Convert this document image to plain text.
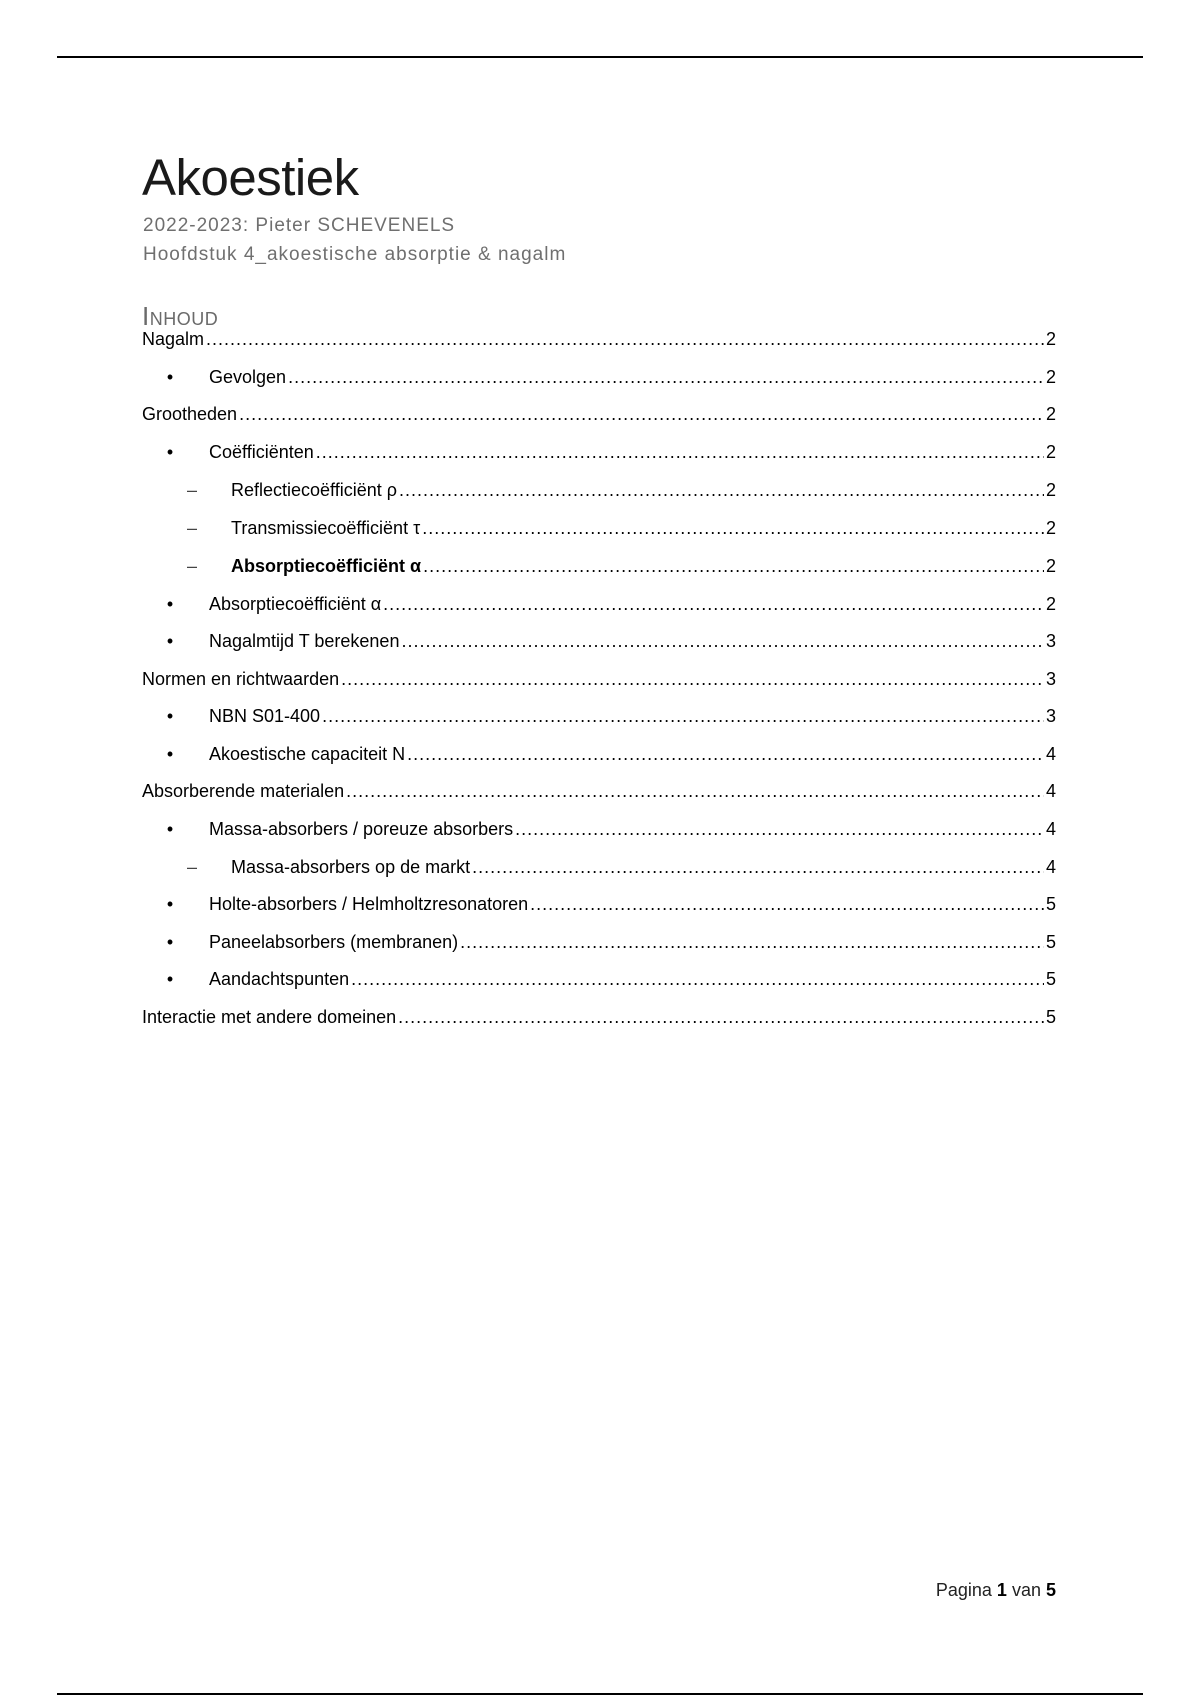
Akoestiek
2022-2023: Pieter SCHEVENELS
Hoofdstuk 4_akoestische absorptie & nagalm
Inhoud
Nagalm .....	2
•	Gevolgen .....	2
Grootheden .....	2
•	Coëfficiënten .....	2
– Reflectiecoëfficiënt ρ .....	2
– Transmissiecoëfficiënt τ .....	2
– Absorptiecoëfficiënt α .....	2
•	Absorptiecoëfficiënt α .....	2
•	Nagalmtijd T berekenen .....	3
Normen en richtwaarden .....	3
•	NBN S01-400 .....	3
•	Akoestische capaciteit N .....	4
Absorberende materialen .....	4
•	Massa-absorbers / poreuze absorbers .....	4
– Massa-absorbers op de markt .....	4
•	Holte-absorbers / Helmholtzresonatoren .....	5
•	Paneelabsorbers (membranen) .....	5
•	Aandachtspunten .....	5
Interactie met andere domeinen .....	5
Pagina 1 van 5
